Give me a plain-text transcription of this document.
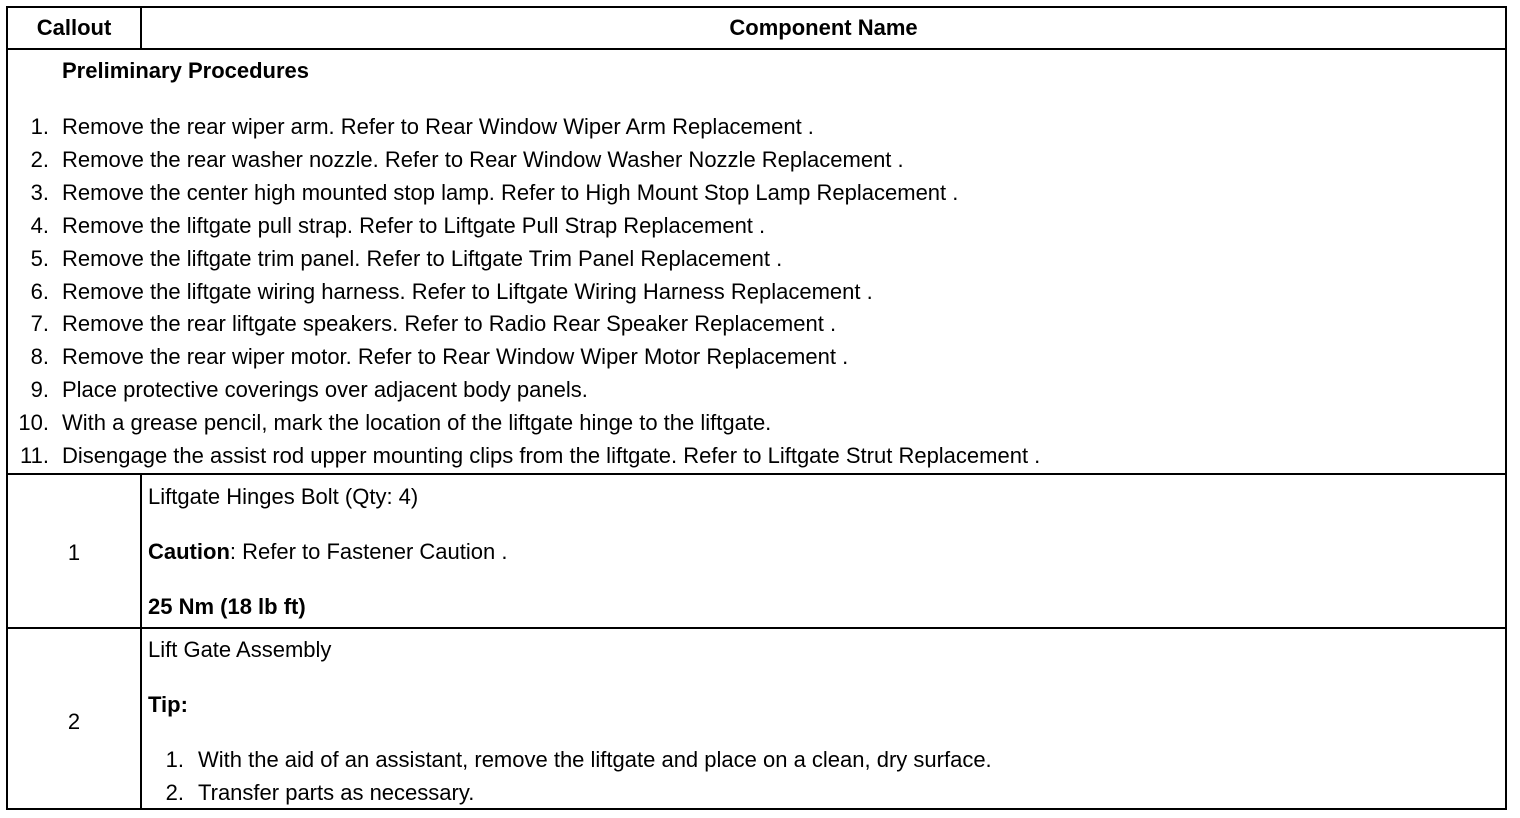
Callout	Component Name
Preliminary Procedures
1. Remove the rear wiper arm. Refer to Rear Window Wiper Arm Replacement .
2. Remove the rear washer nozzle. Refer to Rear Window Washer Nozzle Replacement .
3. Remove the center high mounted stop lamp. Refer to High Mount Stop Lamp Replacement .
4. Remove the liftgate pull strap. Refer to Liftgate Pull Strap Replacement .
5. Remove the liftgate trim panel. Refer to Liftgate Trim Panel Replacement .
6. Remove the liftgate wiring harness. Refer to Liftgate Wiring Harness Replacement .
7. Remove the rear liftgate speakers. Refer to Radio Rear Speaker Replacement .
8. Remove the rear wiper motor. Refer to Rear Window Wiper Motor Replacement .
9. Place protective coverings over adjacent body panels.
10. With a grease pencil, mark the location of the liftgate hinge to the liftgate.
11. Disengage the assist rod upper mounting clips from the liftgate. Refer to Liftgate Strut Replacement .
1
Liftgate Hinges Bolt (Qty: 4)
Caution: Refer to Fastener Caution .
25 Nm (18 lb ft)
2
Lift Gate Assembly
Tip:
1. With the aid of an assistant, remove the liftgate and place on a clean, dry surface.
2. Transfer parts as necessary.
